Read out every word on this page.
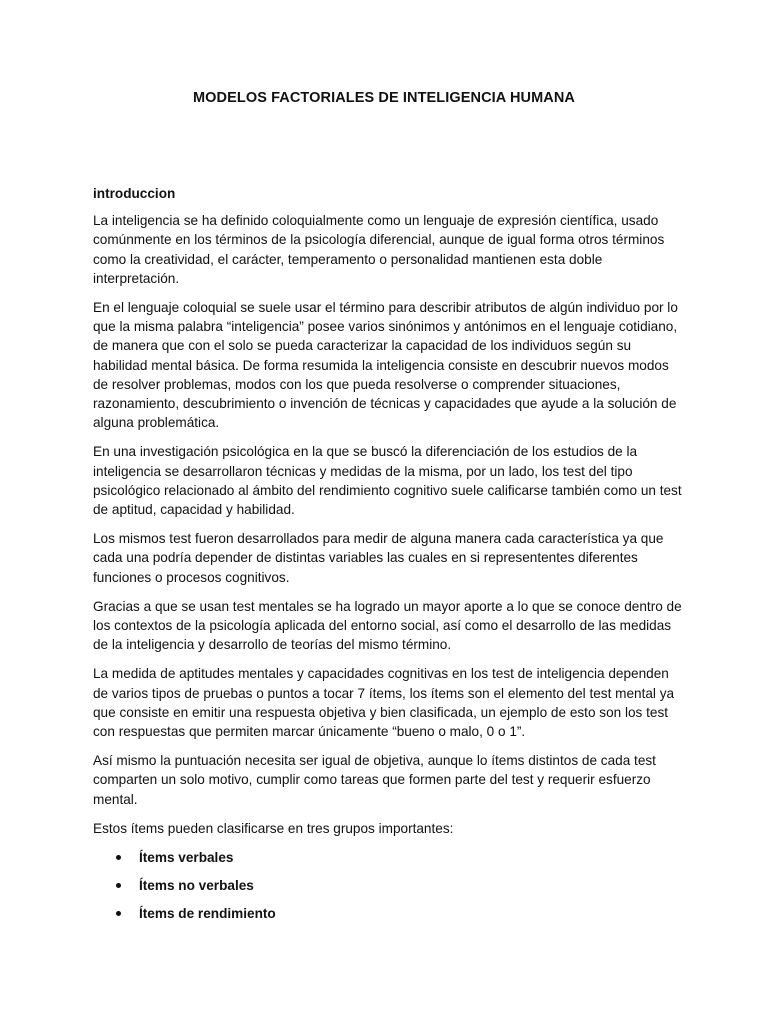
MODELOS FACTORIALES DE INTELIGENCIA HUMANA

introduccion

La inteligencia se ha definido coloquialmente como un lenguaje de expresión científica, usado comúnmente en los términos de la psicología diferencial, aunque de igual forma otros términos como la creatividad, el carácter, temperamento o personalidad mantienen esta doble interpretación.

En el lenguaje coloquial se suele usar el término para describir atributos de algún individuo por lo que la misma palabra “inteligencia” posee varios sinónimos y antónimos en el lenguaje cotidiano, de manera que con el solo se pueda caracterizar la capacidad de los individuos según su habilidad mental básica. De forma resumida la inteligencia consiste en descubrir nuevos modos de resolver problemas, modos con los que pueda resolverse o comprender situaciones, razonamiento, descubrimiento o invención de técnicas y capacidades que ayude a la solución de alguna problemática.

En una investigación psicológica en la que se buscó la diferenciación de los estudios de la inteligencia se desarrollaron técnicas y medidas de la misma, por un lado, los test del tipo psicológico relacionado al ámbito del rendimiento cognitivo suele calificarse también como un test de aptitud, capacidad y habilidad.

Los mismos test fueron desarrollados para medir de alguna manera cada característica ya que cada una podría depender de distintas variables las cuales en si represententes diferentes funciones o procesos cognitivos.

Gracias a que se usan test mentales se ha logrado un mayor aporte a lo que se conoce dentro de los contextos de la psicología aplicada del entorno social, así como el desarrollo de las medidas de la inteligencia y desarrollo de teorías del mismo término.

La medida de aptitudes mentales y capacidades cognitivas en los test de inteligencia dependen de varios tipos de pruebas o puntos a tocar 7 ítems, los ítems son el elemento del test mental ya que consiste en emitir una respuesta objetiva y bien clasificada, un ejemplo de esto son los test con respuestas que permiten marcar únicamente “bueno o malo, 0 o 1”.

Así mismo la puntuación necesita ser igual de objetiva, aunque lo ítems distintos de cada test comparten un solo motivo, cumplir como tareas que formen parte del test y requerir esfuerzo mental.

Estos ítems pueden clasificarse en tres grupos importantes:

Ítems verbales
Ítems no verbales
Ítems de rendimiento
